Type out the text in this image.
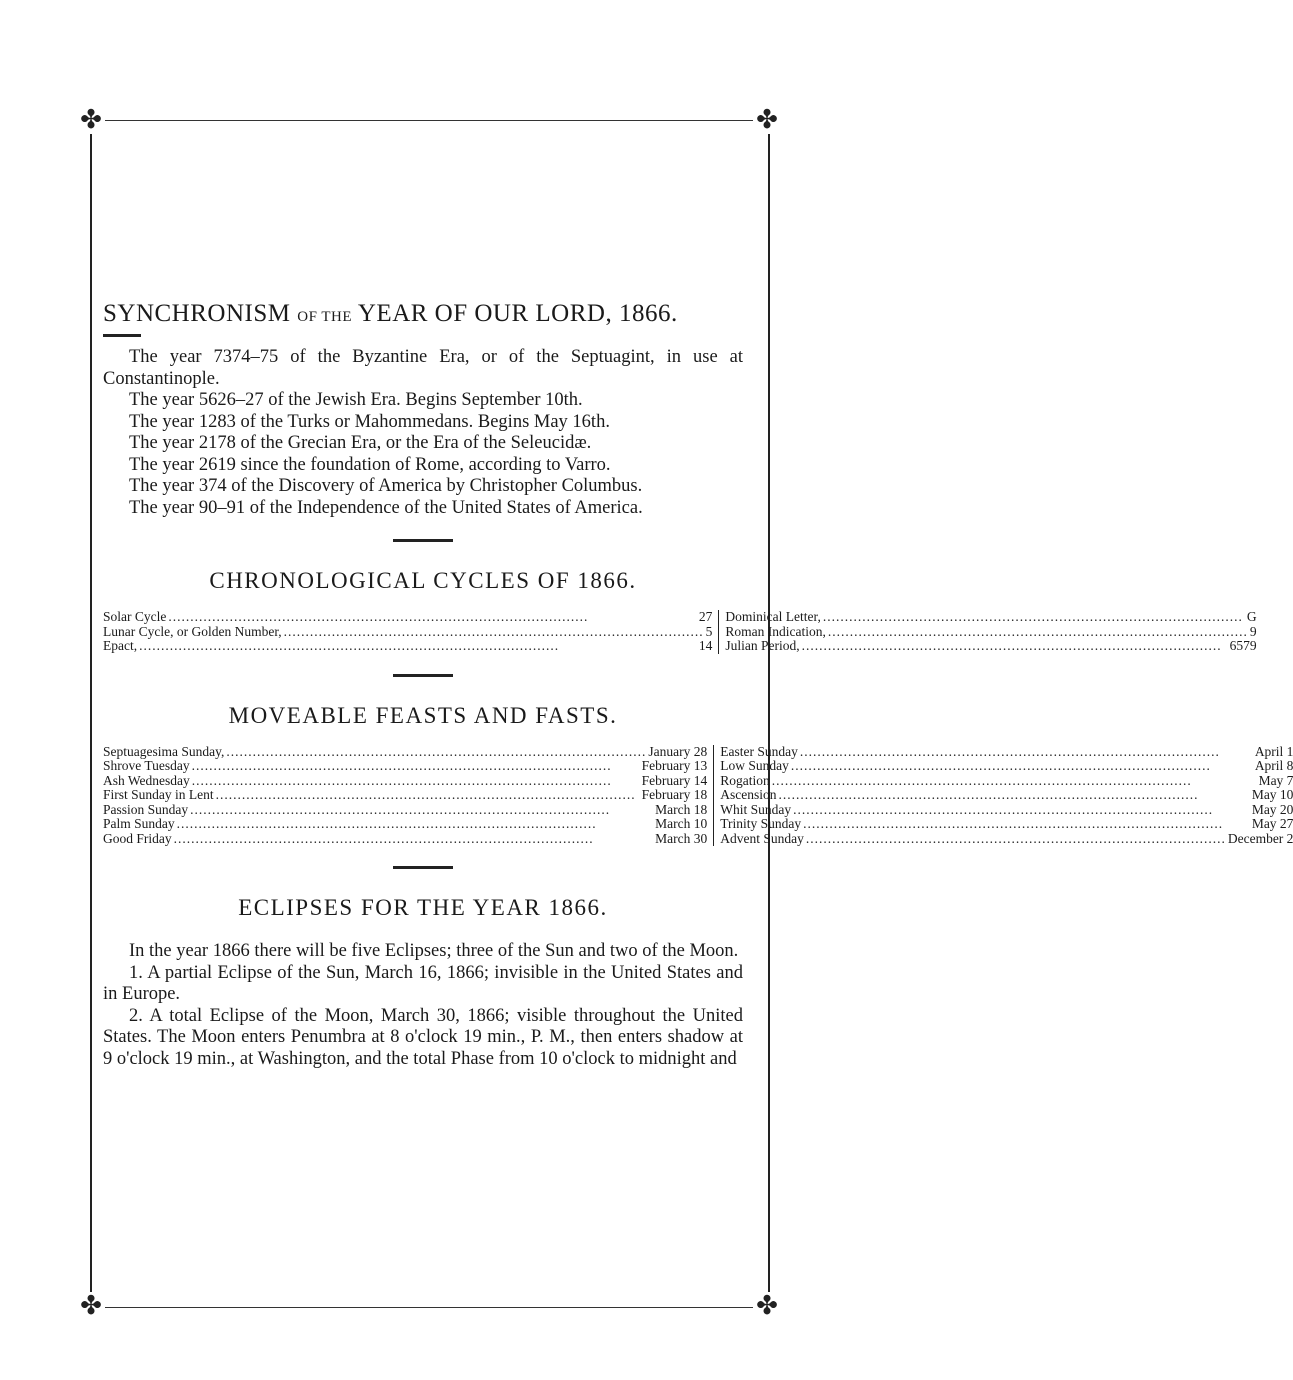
✤	✤
✤	✤
SYNCHRONISM OF THE YEAR OF OUR LORD, 1866.

The year 7374–75 of the Byzantine Era, or of the Septuagint, in use at Constantinople.

The year 5626–27 of the Jewish Era. Begins September 10th.

The year 1283 of the Turks or Mahommedans. Begins May 16th.

The year 2178 of the Grecian Era, or the Era of the Seleucidæ.

The year 2619 since the foundation of Rome, according to Varro.

The year 374 of the Discovery of America by Christopher Columbus.

The year 90–91 of the Independence of the United States of America.

CHRONOLOGICAL CYCLES OF 1866.
Solar Cycle .....	27
Lunar Cycle, or Golden Number, .....	5
Epact, .....	14
Dominical Letter, .....	G
Roman Indication, .....	9
Julian Period, .....	6579
MOVEABLE FEASTS AND FASTS.
Septuagesima Sunday, .....	January 28
Shrove Tuesday .....	February 13
Ash Wednesday .....	February 14
First Sunday in Lent .....	February 18
Passion Sunday .....	March 18
Palm Sunday .....	March 10
Good Friday .....	March 30
Easter Sunday .....	April 1
Low Sunday .....	April 8
Rogation .....	May 7
Ascension .....	May 10
Whit Sunday .....	May 20
Trinity Sunday .....	May 27
Advent Sunday .....	December 2
ECLIPSES FOR THE YEAR 1866.

In the year 1866 there will be five Eclipses; three of the Sun and two of the Moon.

1. A partial Eclipse of the Sun, March 16, 1866; invisible in the United States and in Europe.

2. A total Eclipse of the Moon, March 30, 1866; visible throughout the United States. The Moon enters Penumbra at 8 o'clock 19 min., P. M., then enters shadow at 9 o'clock 19 min., at Washington, and the total Phase from 10 o'clock to midnight and
